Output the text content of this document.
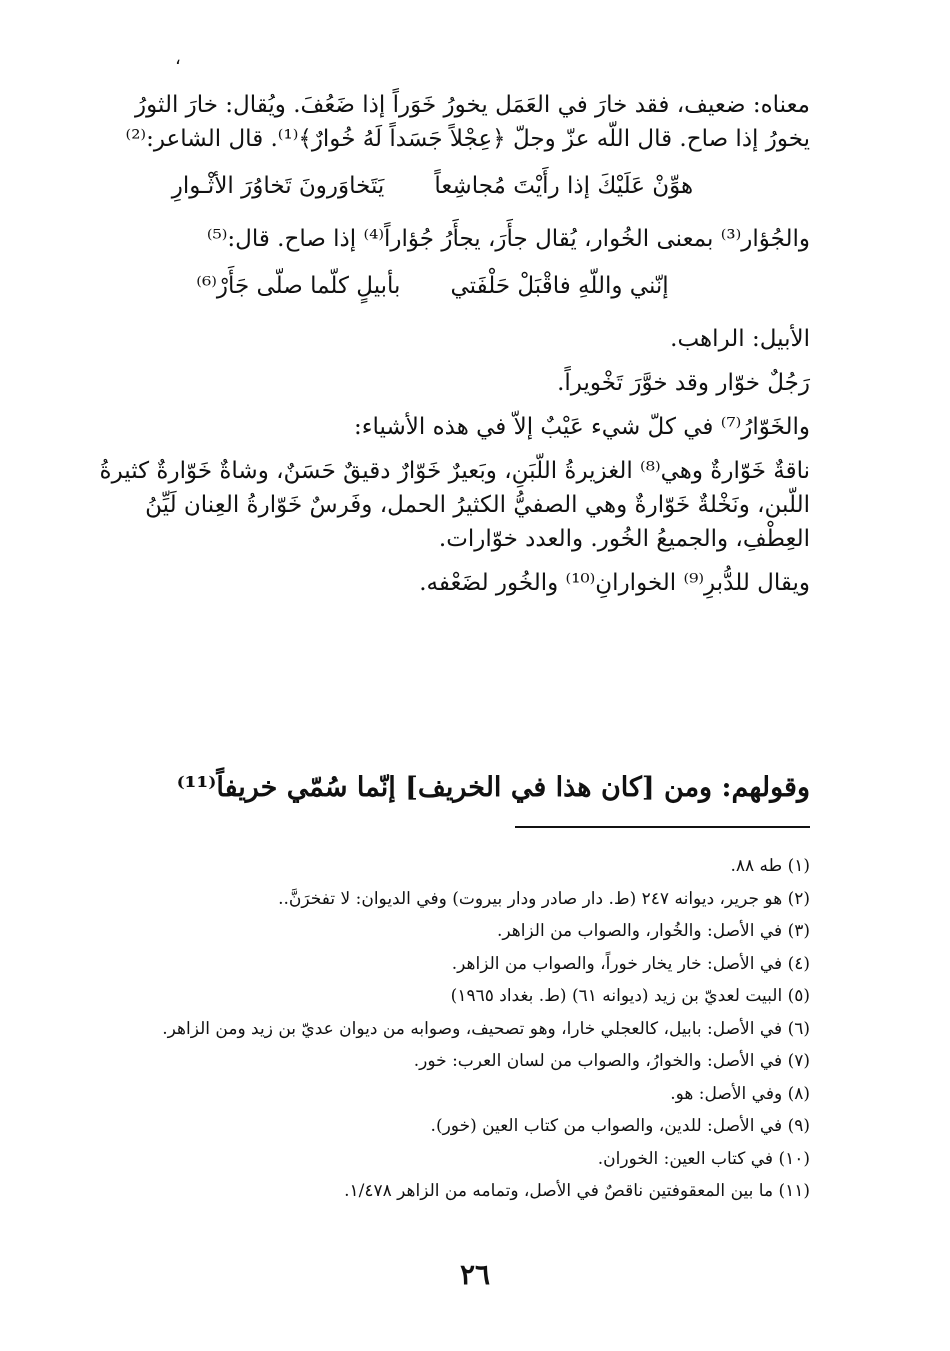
،

معناه: ضعيف، فقد خارَ في العَمَل يخورُ خَوَراً إذا ضَعُفَ. ويُقال: خارَ الثورُ يخورُ إذا صاح. قال اللّه عزّ وجلّ ﴿عِجْلاً جَسَداً لَهُ خُوارٌ﴾⁽¹⁾. قال الشاعر:⁽²⁾

هوِّنْ عَلَيْكَ إذا رأَيْتَ مُجاشِعاً
يَتَخاوَرونَ تَخاوُرَ الأثْـوارِ

والجُؤار⁽³⁾ بمعنى الخُوار، يُقال جأَرَ، يجأَرُ جُؤاراً⁽⁴⁾ إذا صاح. قال:⁽⁵⁾

إنّني واللّهِ فاقْبَلْ حَلْفَتي
بأبيلٍ كلّما صلّى جَأَرْ⁽⁶⁾

الأبيل: الراهب.

رَجُلٌ خوّار وقد خوَّرَ تَخْويراً.

والخَوّارُ⁽⁷⁾ في كلّ شيء عَيْبٌ إلاّ في هذه الأشياء:

ناقةٌ خَوّارةٌ وهي⁽⁸⁾ الغزيرةُ اللّبَنِ، وبَعيرٌ خَوّارٌ دقيقٌ حَسَنٌ، وشاةٌ خَوّارةٌ كثيرةُ اللّبن، ونَخْلةٌ خَوّارةٌ وهي الصفيُّ الكثيرُ الحمل، وفَرسٌ خَوّارةُ العِنان لَيِّنُ العِطْفِ، والجميعُ الخُور. والعدد خوّارات.

ويقال للدُّبرِ⁽⁹⁾ الخوارانِ⁽¹⁰⁾ والخُور لضَعْفه.

وقولهم: ومن [كان هذا في الخريف] إنّما سُمّي خريفاً⁽¹¹⁾

(١) طه ٨٨.

(٢) هو جرير، ديوانه ٢٤٧ (ط. دار صادر ودار بيروت) وفي الديوان: لا تفخرَنَّ..

(٣) في الأصل: والخُوار، والصواب من الزاهر.

(٤) في الأصل: خار يخار خوراً، والصواب من الزاهر.

(٥) البيت لعديّ بن زيد (ديوانه ٦١) (ط. بغداد ١٩٦٥)

(٦) في الأصل: بابيل، كالعجلي خارا، وهو تصحيف، وصوابه من ديوان عديّ بن زيد ومن الزاهر.

(٧) في الأصل: والخوارُ، والصواب من لسان العرب: خور.

(٨) وفي الأصل: هو.

(٩) في الأصل: للدين، والصواب من كتاب العين (خور).

(١٠) في كتاب العين: الخوران.

(١١) ما بين المعقوفتين ناقصٌ في الأصل، وتمامه من الزاهر ١/٤٧٨.

٢٦
